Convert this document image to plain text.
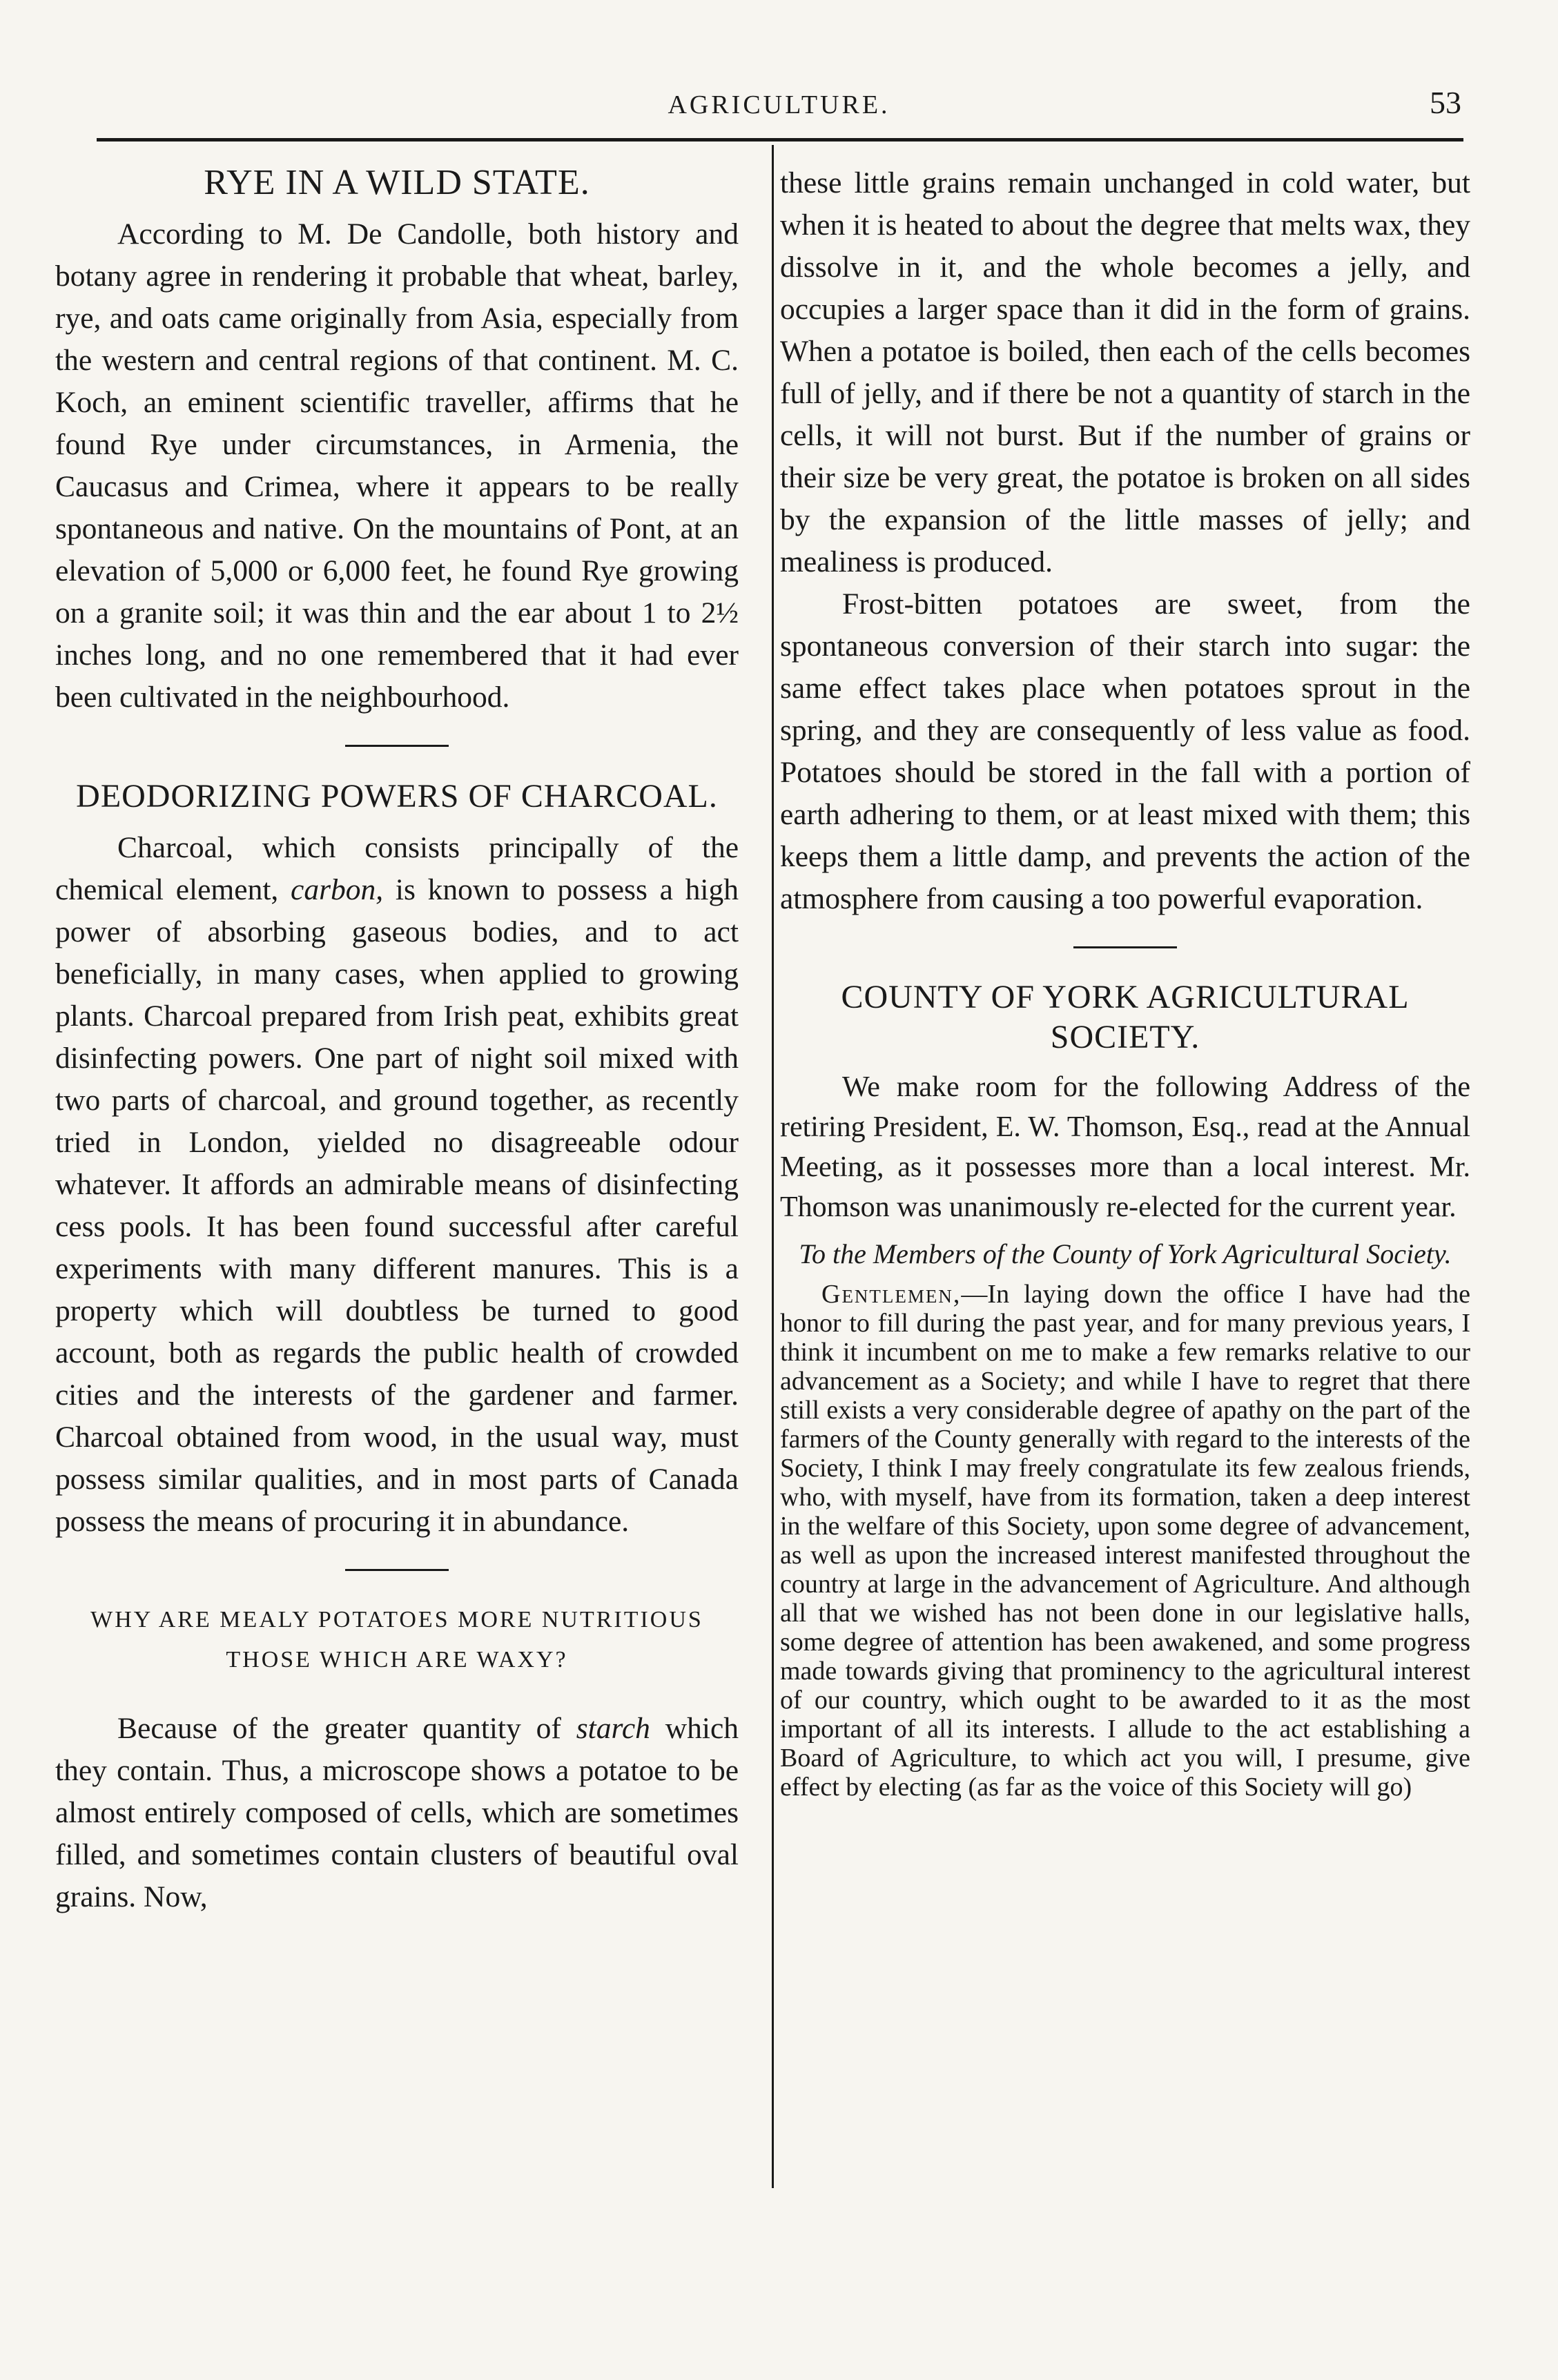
AGRICULTURE.	53
RYE IN A WILD STATE.

According to M. De Candolle, both history and botany agree in rendering it probable that wheat, barley, rye, and oats came originally from Asia, especially from the western and central regions of that continent. M. C. Koch, an eminent scientific traveller, affirms that he found Rye under circumstances, in Armenia, the Caucasus and Crimea, where it appears to be really spontaneous and native. On the mountains of Pont, at an elevation of 5,000 or 6,000 feet, he found Rye growing on a granite soil; it was thin and the ear about 1 to 2½ inches long, and no one remembered that it had ever been cultivated in the neighbourhood.

DEODORIZING POWERS OF CHARCOAL.

Charcoal, which consists principally of the chemical element, carbon, is known to possess a high power of absorbing gaseous bodies, and to act beneficially, in many cases, when applied to growing plants. Charcoal prepared from Irish peat, exhibits great disinfecting powers. One part of night soil mixed with two parts of charcoal, and ground together, as recently tried in London, yielded no disagreeable odour whatever. It affords an admirable means of disinfecting cess pools. It has been found successful after careful experiments with many different manures. This is a property which will doubtless be turned to good account, both as regards the public health of crowded cities and the interests of the gardener and farmer. Charcoal obtained from wood, in the usual way, must possess similar qualities, and in most parts of Canada possess the means of procuring it in abundance.

WHY ARE MEALY POTATOES MORE NUTRITIOUS THOSE WHICH ARE WAXY?

Because of the greater quantity of starch which they contain. Thus, a microscope shows a potatoe to be almost entirely composed of cells, which are sometimes filled, and sometimes contain clusters of beautiful oval grains. Now,

these little grains remain unchanged in cold water, but when it is heated to about the degree that melts wax, they dissolve in it, and the whole becomes a jelly, and occupies a larger space than it did in the form of grains. When a potatoe is boiled, then each of the cells becomes full of jelly, and if there be not a quantity of starch in the cells, it will not burst. But if the number of grains or their size be very great, the potatoe is broken on all sides by the expansion of the little masses of jelly; and mealiness is produced.

Frost-bitten potatoes are sweet, from the spontaneous conversion of their starch into sugar: the same effect takes place when potatoes sprout in the spring, and they are consequently of less value as food. Potatoes should be stored in the fall with a portion of earth adhering to them, or at least mixed with them; this keeps them a little damp, and prevents the action of the atmosphere from causing a too powerful evaporation.

COUNTY OF YORK AGRICULTURAL SOCIETY.

We make room for the following Address of the retiring President, E. W. Thomson, Esq., read at the Annual Meeting, as it possesses more than a local interest. Mr. Thomson was unanimously re-elected for the current year.

To the Members of the County of York Agricultural Society.

Gentlemen,—In laying down the office I have had the honor to fill during the past year, and for many previous years, I think it incumbent on me to make a few remarks relative to our advancement as a Society; and while I have to regret that there still exists a very considerable degree of apathy on the part of the farmers of the County generally with regard to the interests of the Society, I think I may freely congratulate its few zealous friends, who, with myself, have from its formation, taken a deep interest in the welfare of this Society, upon some degree of advancement, as well as upon the increased interest manifested throughout the country at large in the advancement of Agriculture. And although all that we wished has not been done in our legislative halls, some degree of attention has been awakened, and some progress made towards giving that prominency to the agricultural interest of our country, which ought to be awarded to it as the most important of all its interests. I allude to the act establishing a Board of Agriculture, to which act you will, I presume, give effect by electing (as far as the voice of this Society will go)
